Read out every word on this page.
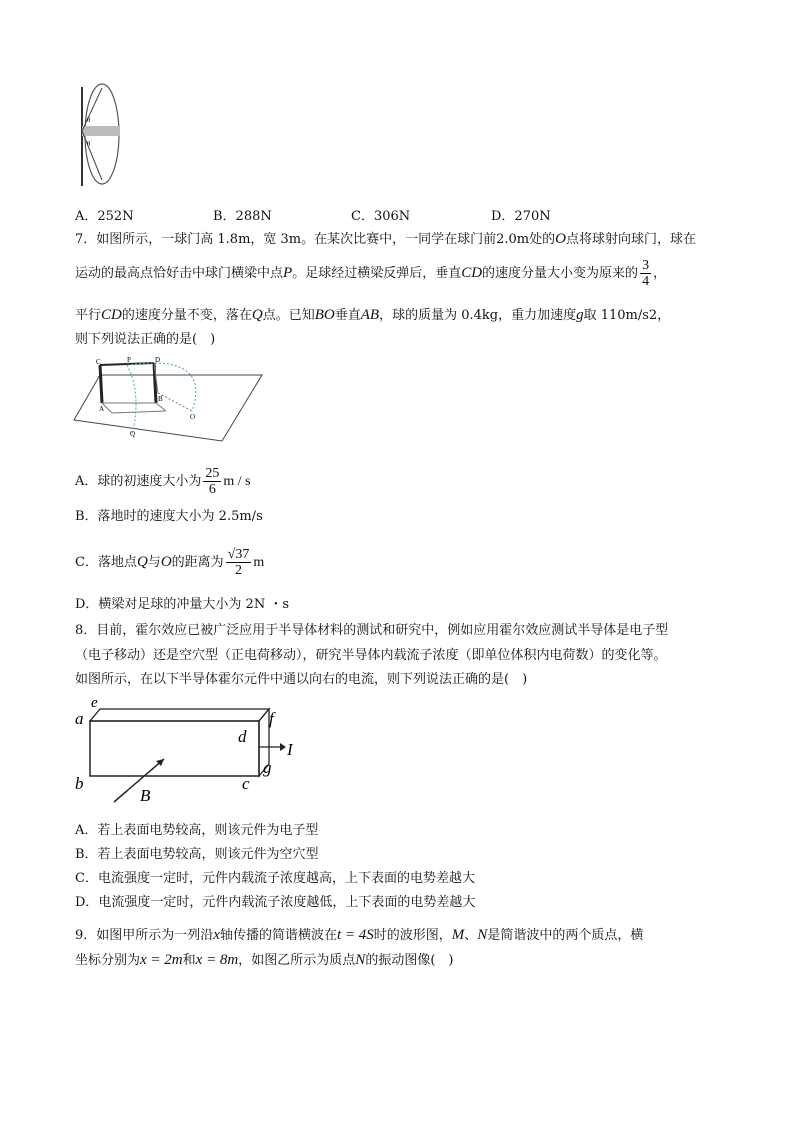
θ
θ
A．252N	B．288N	C．306N	D．270N
7．如图所示，一球门高 1.8m，宽 3m。在某次比赛中，一同学在球门前2.0m处的O点将球射向球门，球在
运动的最高点恰好击中球门横梁中点P。足球经过横梁反弹后，垂直CD的速度分量大小变为原来的 $\frac{3}{4}$ ，
平行CD的速度分量不变，落在Q点。已知BO垂直AB，球的质量为 0.4kg，重力加速度g取 110m/s2，
则下列说法正确的是(　)
C	P	D
B
A
Q
O
A．球的初速度大小为 $\frac{25}{6}$ m / s
B．落地时的速度大小为 2.5m/s
C．落地点Q与O的距离为 $\frac{√37}{2}$ m
D．横梁对足球的冲量大小为 2N ・s
8．目前，霍尔效应已被广泛应用于半导体材料的测试和研究中，例如应用霍尔效应测试半导体是电子型
（电子移动）还是空穴型（正电荷移动），研究半导体内载流子浓度（即单位体积内电荷数）的变化等。
如图所示，在以下半导体霍尔元件中通以向右的电流，则下列说法正确的是(　)
e
a	f
d
I
g
b	c
B
A．若上表面电势较高，则该元件为电子型
B．若上表面电势较高，则该元件为空穴型
C．电流强度一定时，元件内载流子浓度越高，上下表面的电势差越大
D．电流强度一定时，元件内载流子浓度越低，上下表面的电势差越大
9．如图甲所示为一列沿x轴传播的简谐横波在t = 4S时的波形图，M、N是简谐波中的两个质点，横
坐标分别为x = 2m和x = 8m，如图乙所示为质点N的振动图像(　)
